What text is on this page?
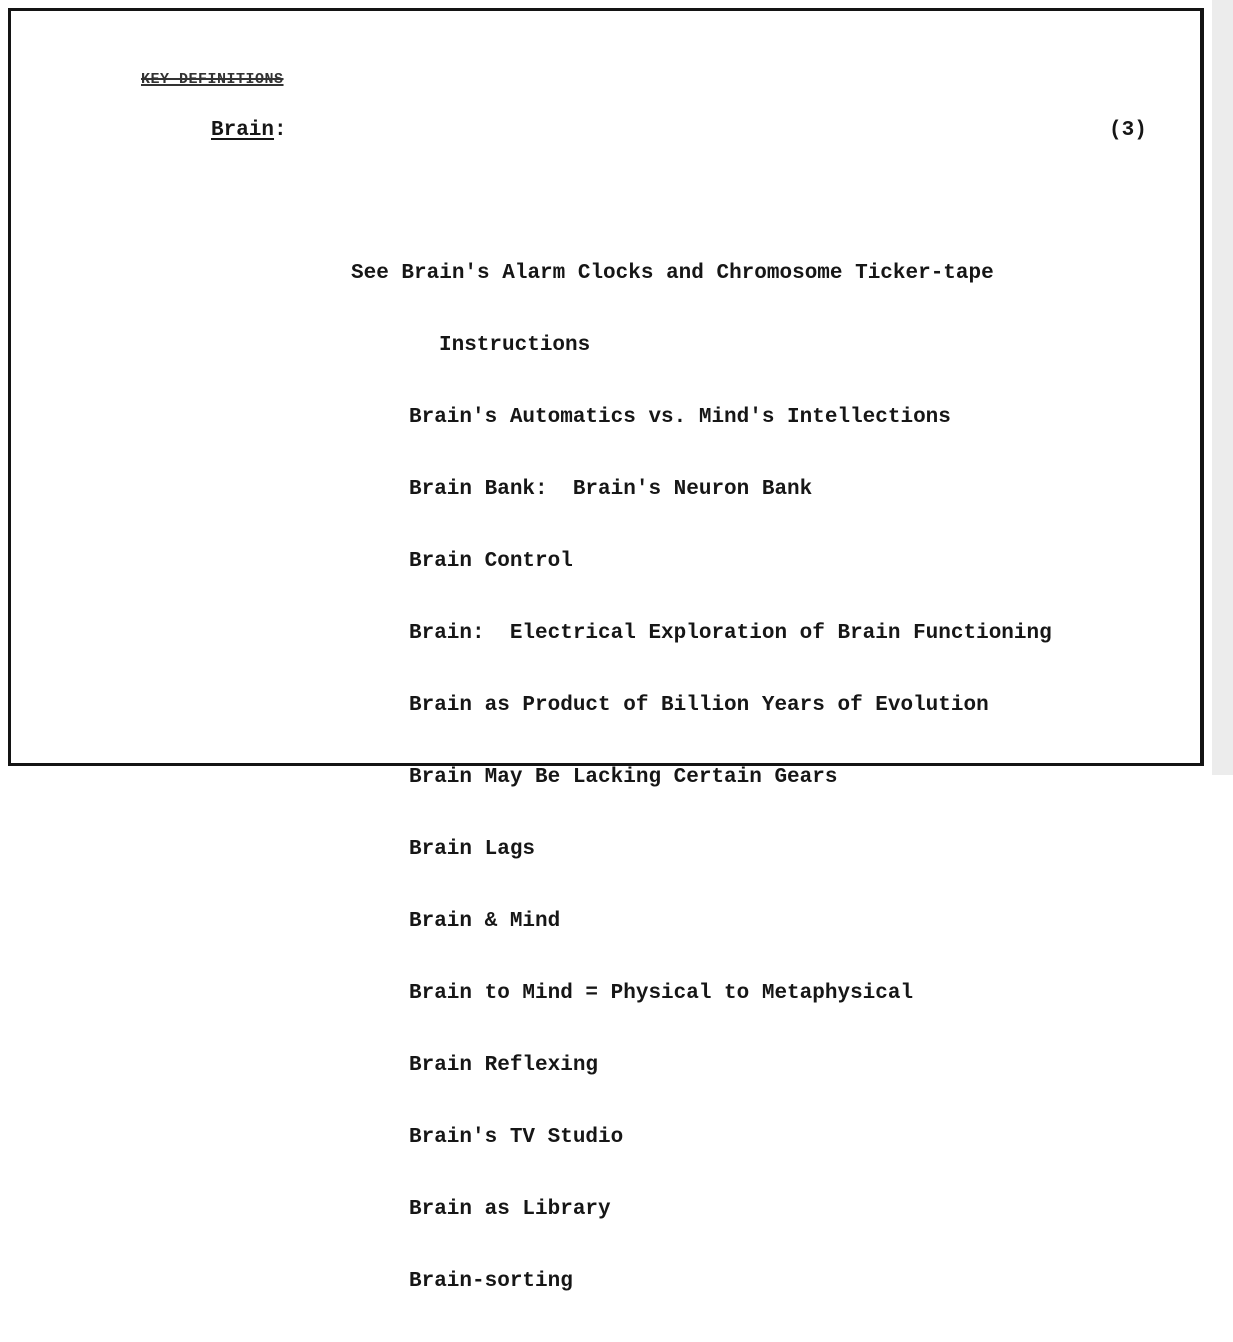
KEY DEFINITIONS
Brain:	(3)

See Brain's Alarm Clocks and Chromosome Ticker-tape

Instructions

Brain's Automatics vs. Mind's Intellections

Brain Bank:  Brain's Neuron Bank

Brain Control

Brain:  Electrical Exploration of Brain Functioning

Brain as Product of Billion Years of Evolution

Brain May Be Lacking Certain Gears

Brain Lags

Brain & Mind

Brain to Mind = Physical to Metaphysical

Brain Reflexing

Brain's TV Studio

Brain as Library

Brain-sorting
